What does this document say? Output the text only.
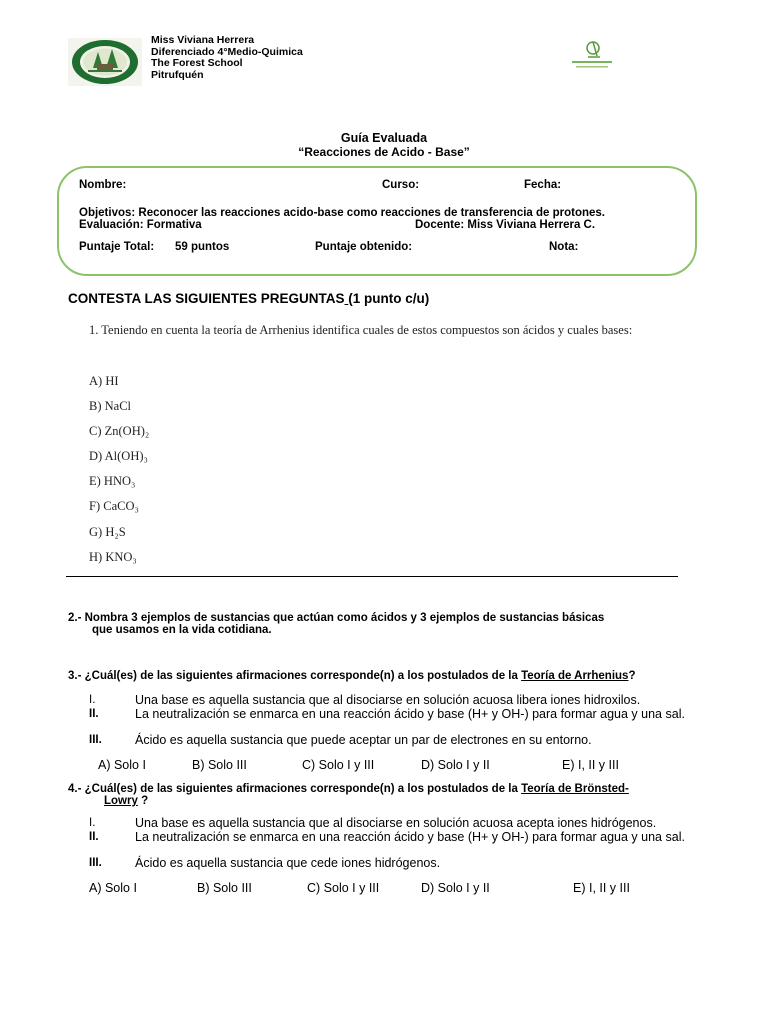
Miss Viviana Herrera
Diferenciado 4°Medio-Quimica
The Forest School
Pitrufquén
Guía Evaluada
“Reacciones de Acido - Base”
Nombre:	Curso:	Fecha:
Objetivos: Reconocer las reacciones acido-base como reacciones de transferencia de protones.
Evaluación: Formativa	Docente: Miss Viviana Herrera C.
Puntaje Total: 59 puntos	Puntaje obtenido:	Nota:
CONTESTA LAS SIGUIENTES PREGUNTAS (1 punto c/u)
1. Teniendo en cuenta la teoría de Arrhenius identifica cuales de estos compuestos son ácidos y cuales bases:
A) HI
B) NaCl
C) Zn(OH)₂
D) Al(OH)₃
E) HNO₃
F) CaCO₃
G) H₂S
H) KNO₃
2.- Nombra 3 ejemplos de sustancias que actúan como ácidos y 3 ejemplos de sustancias básicas
que usamos en la vida cotidiana.
3.- ¿Cuál(es) de las siguientes afirmaciones corresponde(n) a los postulados de la Teoría de Arrhenius?
I.	Una base es aquella sustancia que al disociarse en solución acuosa libera iones hidroxilos.
II.	La neutralización se enmarca en una reacción ácido y base (H+ y OH-) para formar agua y una sal.
III.	Ácido es aquella sustancia que puede aceptar un par de electrones en su entorno.
A) Solo I	B) Solo III	C) Solo I y III	D) Solo I y II	E) I, II y III
4.- ¿Cuál(es) de las siguientes afirmaciones corresponde(n) a los postulados de la Teoría de Brönsted-
Lowry ?
I.	Una base es aquella sustancia que al disociarse en solución acuosa acepta iones hidrógenos.
II.	La neutralización se enmarca en una reacción ácido y base (H+ y OH-) para formar agua y una sal.
III.	Ácido es aquella sustancia que cede iones hidrógenos.
A) Solo I	B) Solo III	C) Solo I y III	D) Solo I y II	E) I, II y III
